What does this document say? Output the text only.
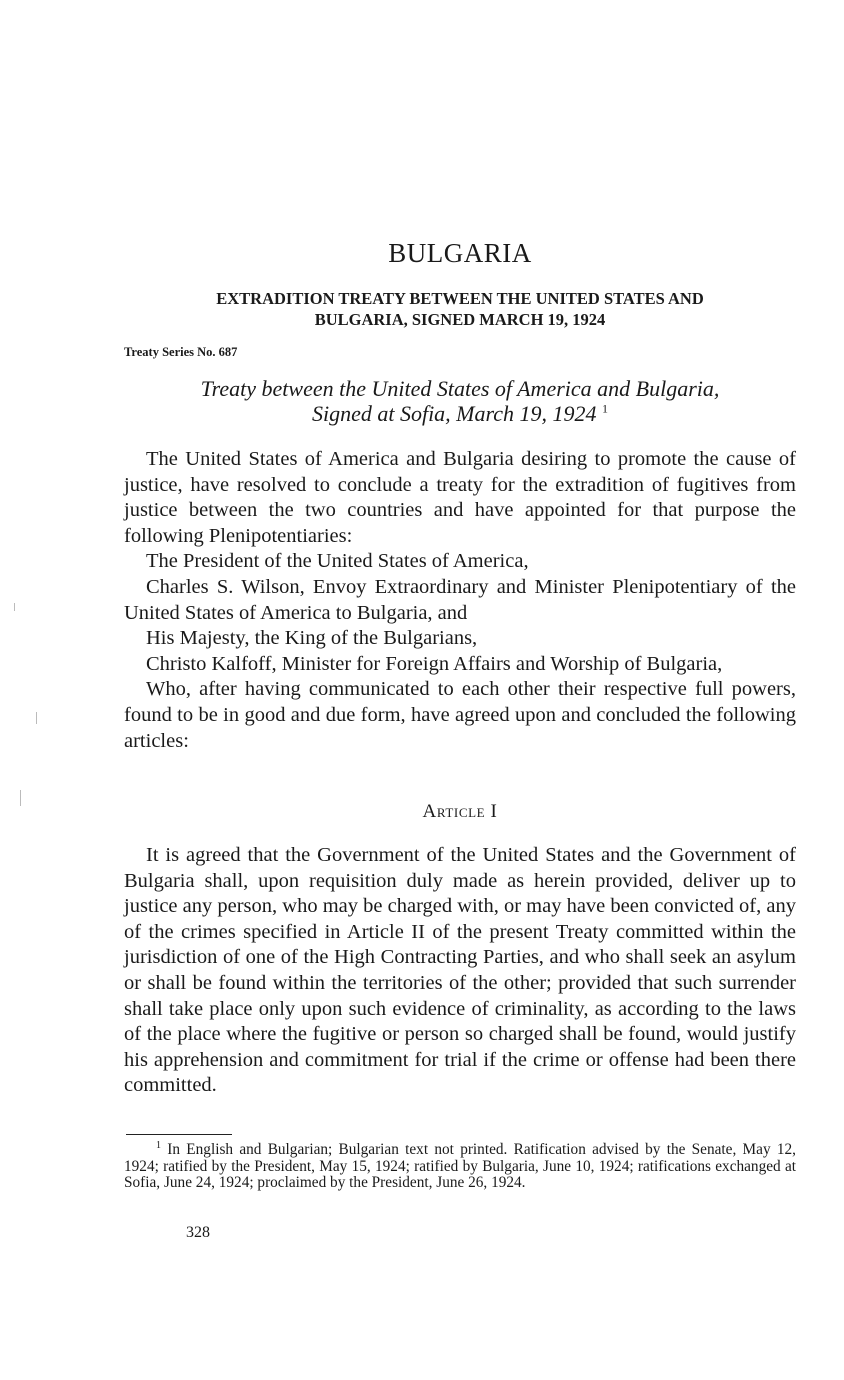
BULGARIA
EXTRADITION TREATY BETWEEN THE UNITED STATES AND
BULGARIA, SIGNED MARCH 19, 1924
Treaty Series No. 687
Treaty between the United States of America and Bulgaria,
Signed at Sofia, March 19, 1924 $^1$

The United States of America and Bulgaria desiring to promote the cause of justice, have resolved to conclude a treaty for the extradition of fugitives from justice between the two countries and have appointed for that purpose the following Plenipotentiaries:

The President of the United States of America,

Charles S. Wilson, Envoy Extraordinary and Minister Plenipotentiary of the United States of America to Bulgaria, and

His Majesty, the King of the Bulgarians,

Christo Kalfoff, Minister for Foreign Affairs and Worship of Bulgaria,

Who, after having communicated to each other their respective full powers, found to be in good and due form, have agreed upon and concluded the following articles:

Article I

It is agreed that the Government of the United States and the Government of Bulgaria shall, upon requisition duly made as herein provided, deliver up to justice any person, who may be charged with, or may have been convicted of, any of the crimes specified in Article II of the present Treaty committed within the jurisdiction of one of the High Contracting Parties, and who shall seek an asylum or shall be found within the territories of the other; provided that such surrender shall take place only upon such evidence of criminality, as according to the laws of the place where the fugitive or person so charged shall be found, would justify his apprehension and commitment for trial if the crime or offense had been there committed.

$^1$ In English and Bulgarian; Bulgarian text not printed. Ratification advised by the Senate, May 12, 1924; ratified by the President, May 15, 1924; ratified by Bulgaria, June 10, 1924; ratifications exchanged at Sofia, June 24, 1924; proclaimed by the President, June 26, 1924.

328
